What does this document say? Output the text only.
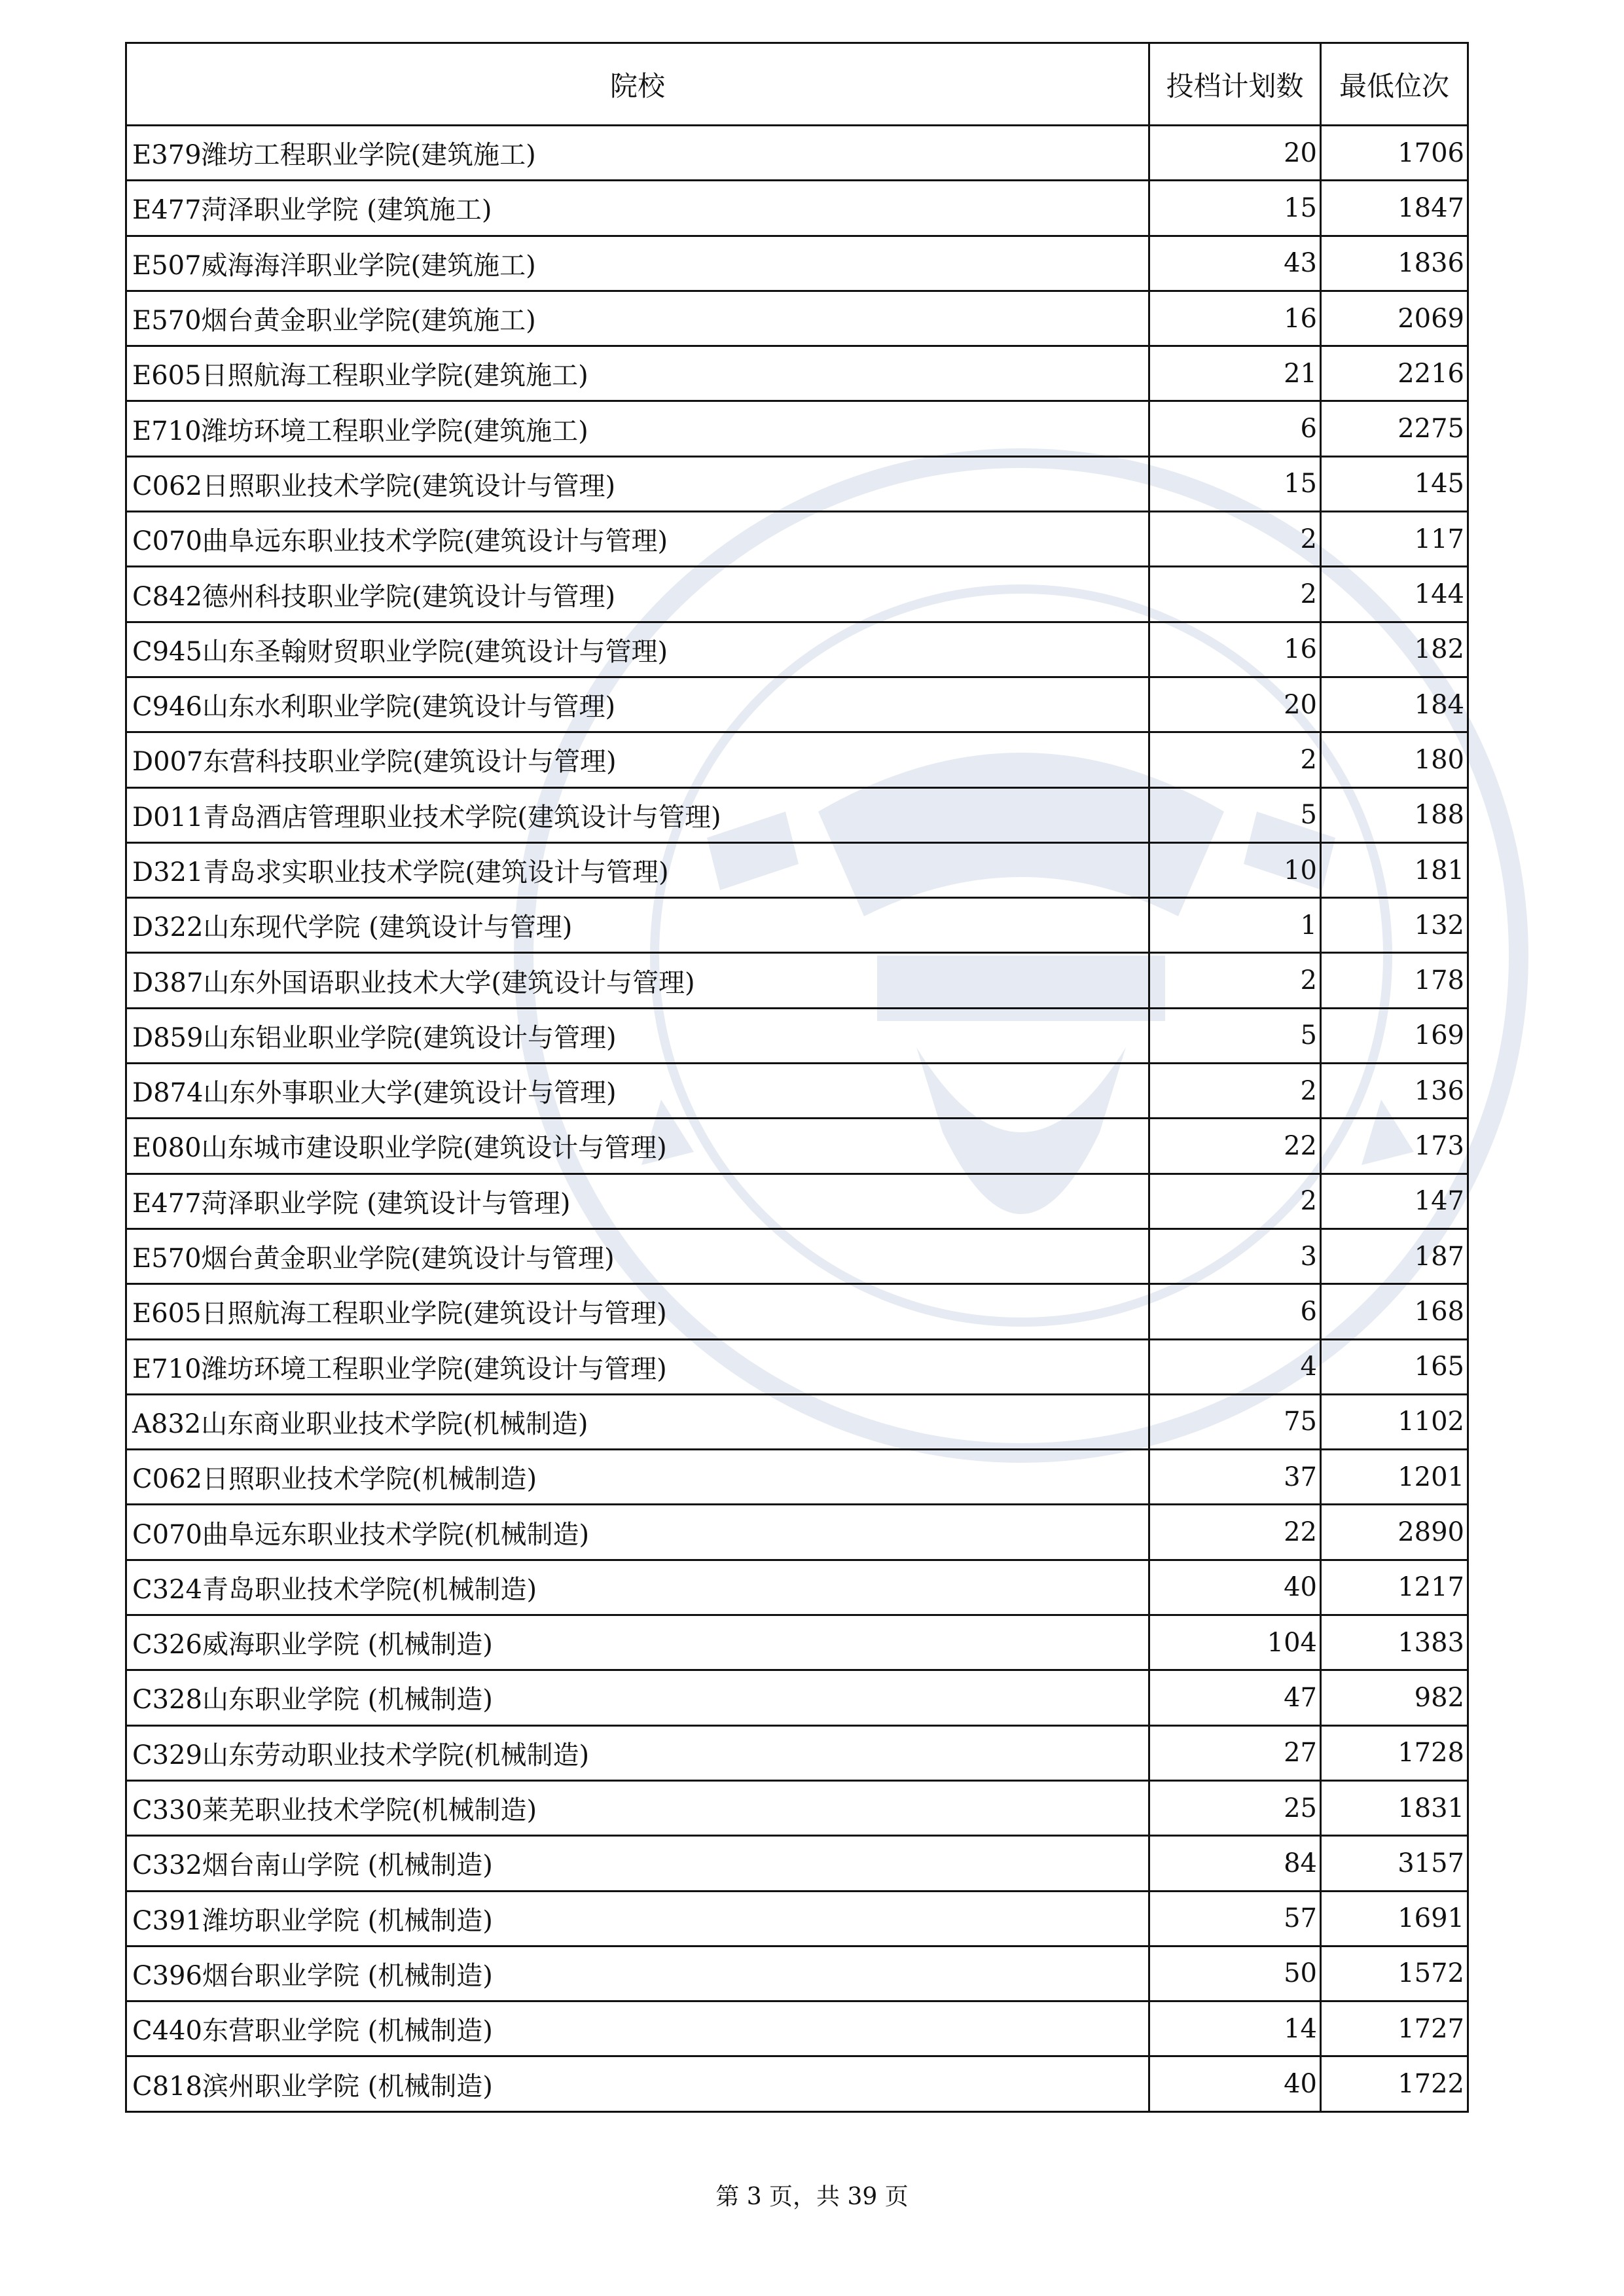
院校	投档计划数	最低位次
E379潍坊工程职业学院(建筑施工)	20	1706
E477菏泽职业学院 (建筑施工)	15	1847
E507威海海洋职业学院(建筑施工)	43	1836
E570烟台黄金职业学院(建筑施工)	16	2069
E605日照航海工程职业学院(建筑施工)	21	2216
E710潍坊环境工程职业学院(建筑施工)	6	2275
C062日照职业技术学院(建筑设计与管理)	15	145
C070曲阜远东职业技术学院(建筑设计与管理)	2	117
C842德州科技职业学院(建筑设计与管理)	2	144
C945山东圣翰财贸职业学院(建筑设计与管理)	16	182
C946山东水利职业学院(建筑设计与管理)	20	184
D007东营科技职业学院(建筑设计与管理)	2	180
D011青岛酒店管理职业技术学院(建筑设计与管理)	5	188
D321青岛求实职业技术学院(建筑设计与管理)	10	181
D322山东现代学院 (建筑设计与管理)	1	132
D387山东外国语职业技术大学(建筑设计与管理)	2	178
D859山东铝业职业学院(建筑设计与管理)	5	169
D874山东外事职业大学(建筑设计与管理)	2	136
E080山东城市建设职业学院(建筑设计与管理)	22	173
E477菏泽职业学院 (建筑设计与管理)	2	147
E570烟台黄金职业学院(建筑设计与管理)	3	187
E605日照航海工程职业学院(建筑设计与管理)	6	168
E710潍坊环境工程职业学院(建筑设计与管理)	4	165
A832山东商业职业技术学院(机械制造)	75	1102
C062日照职业技术学院(机械制造)	37	1201
C070曲阜远东职业技术学院(机械制造)	22	2890
C324青岛职业技术学院(机械制造)	40	1217
C326威海职业学院 (机械制造)	104	1383
C328山东职业学院 (机械制造)	47	982
C329山东劳动职业技术学院(机械制造)	27	1728
C330莱芜职业技术学院(机械制造)	25	1831
C332烟台南山学院 (机械制造)	84	3157
C391潍坊职业学院 (机械制造)	57	1691
C396烟台职业学院 (机械制造)	50	1572
C440东营职业学院 (机械制造)	14	1727
C818滨州职业学院 (机械制造)	40	1722
第 3 页，共 39 页
